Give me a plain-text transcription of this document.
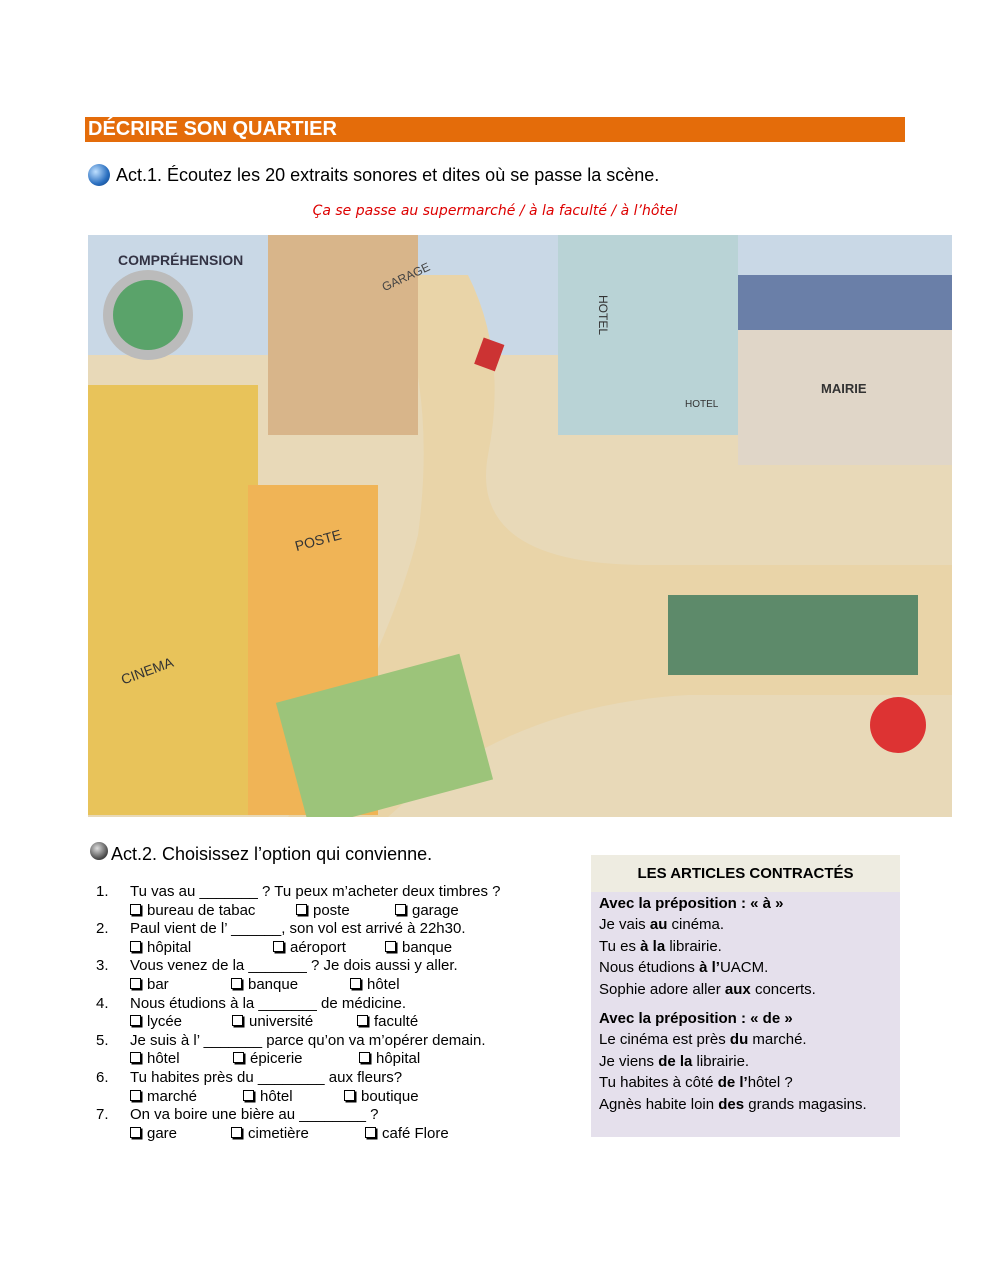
DÉCRIRE SON QUARTIER
Act.1. Écoutez les 20 extraits sonores et dites où se passe la scène.
Ça se passe au supermarché / à la faculté / à l’hôtel
COMPRÉHENSION	GARAGE
HOTEL
HOTEL
MAIRIE
POSTE
CINEMA
Act.2. Choisissez l’option qui convienne.
1.	Tu vas au _______ ? Tu peux m’acheter deux timbres ?
bureau de tabac	poste	garage
2.	Paul vient de l’ ______, son vol est arrivé à 22h30.
hôpital	aéroport	banque
3.	Vous venez de la _______ ? Je dois aussi y aller.
bar	banque	hôtel
4.	Nous étudions à la _______ de médicine.
lycée	université	faculté
5.	Je suis à l’ _______ parce qu’on va m’opérer demain.
hôtel	épicerie	hôpital
6.	Tu habites près du ________ aux fleurs?
marché	hôtel	boutique
7.	On va boire une bière au ________ ?
gare	cimetière	café Flore
LES ARTICLES CONTRACTÉS
Avec la préposition : « à »
Je vais au cinéma.
Tu es à la librairie.
Nous étudions à l’UACM.
Sophie adore aller aux concerts.
Avec la préposition : « de »
Le cinéma est près du marché.
Je viens de la librairie.
Tu habites à côté de l’hôtel ?
Agnès habite loin des grands magasins.
